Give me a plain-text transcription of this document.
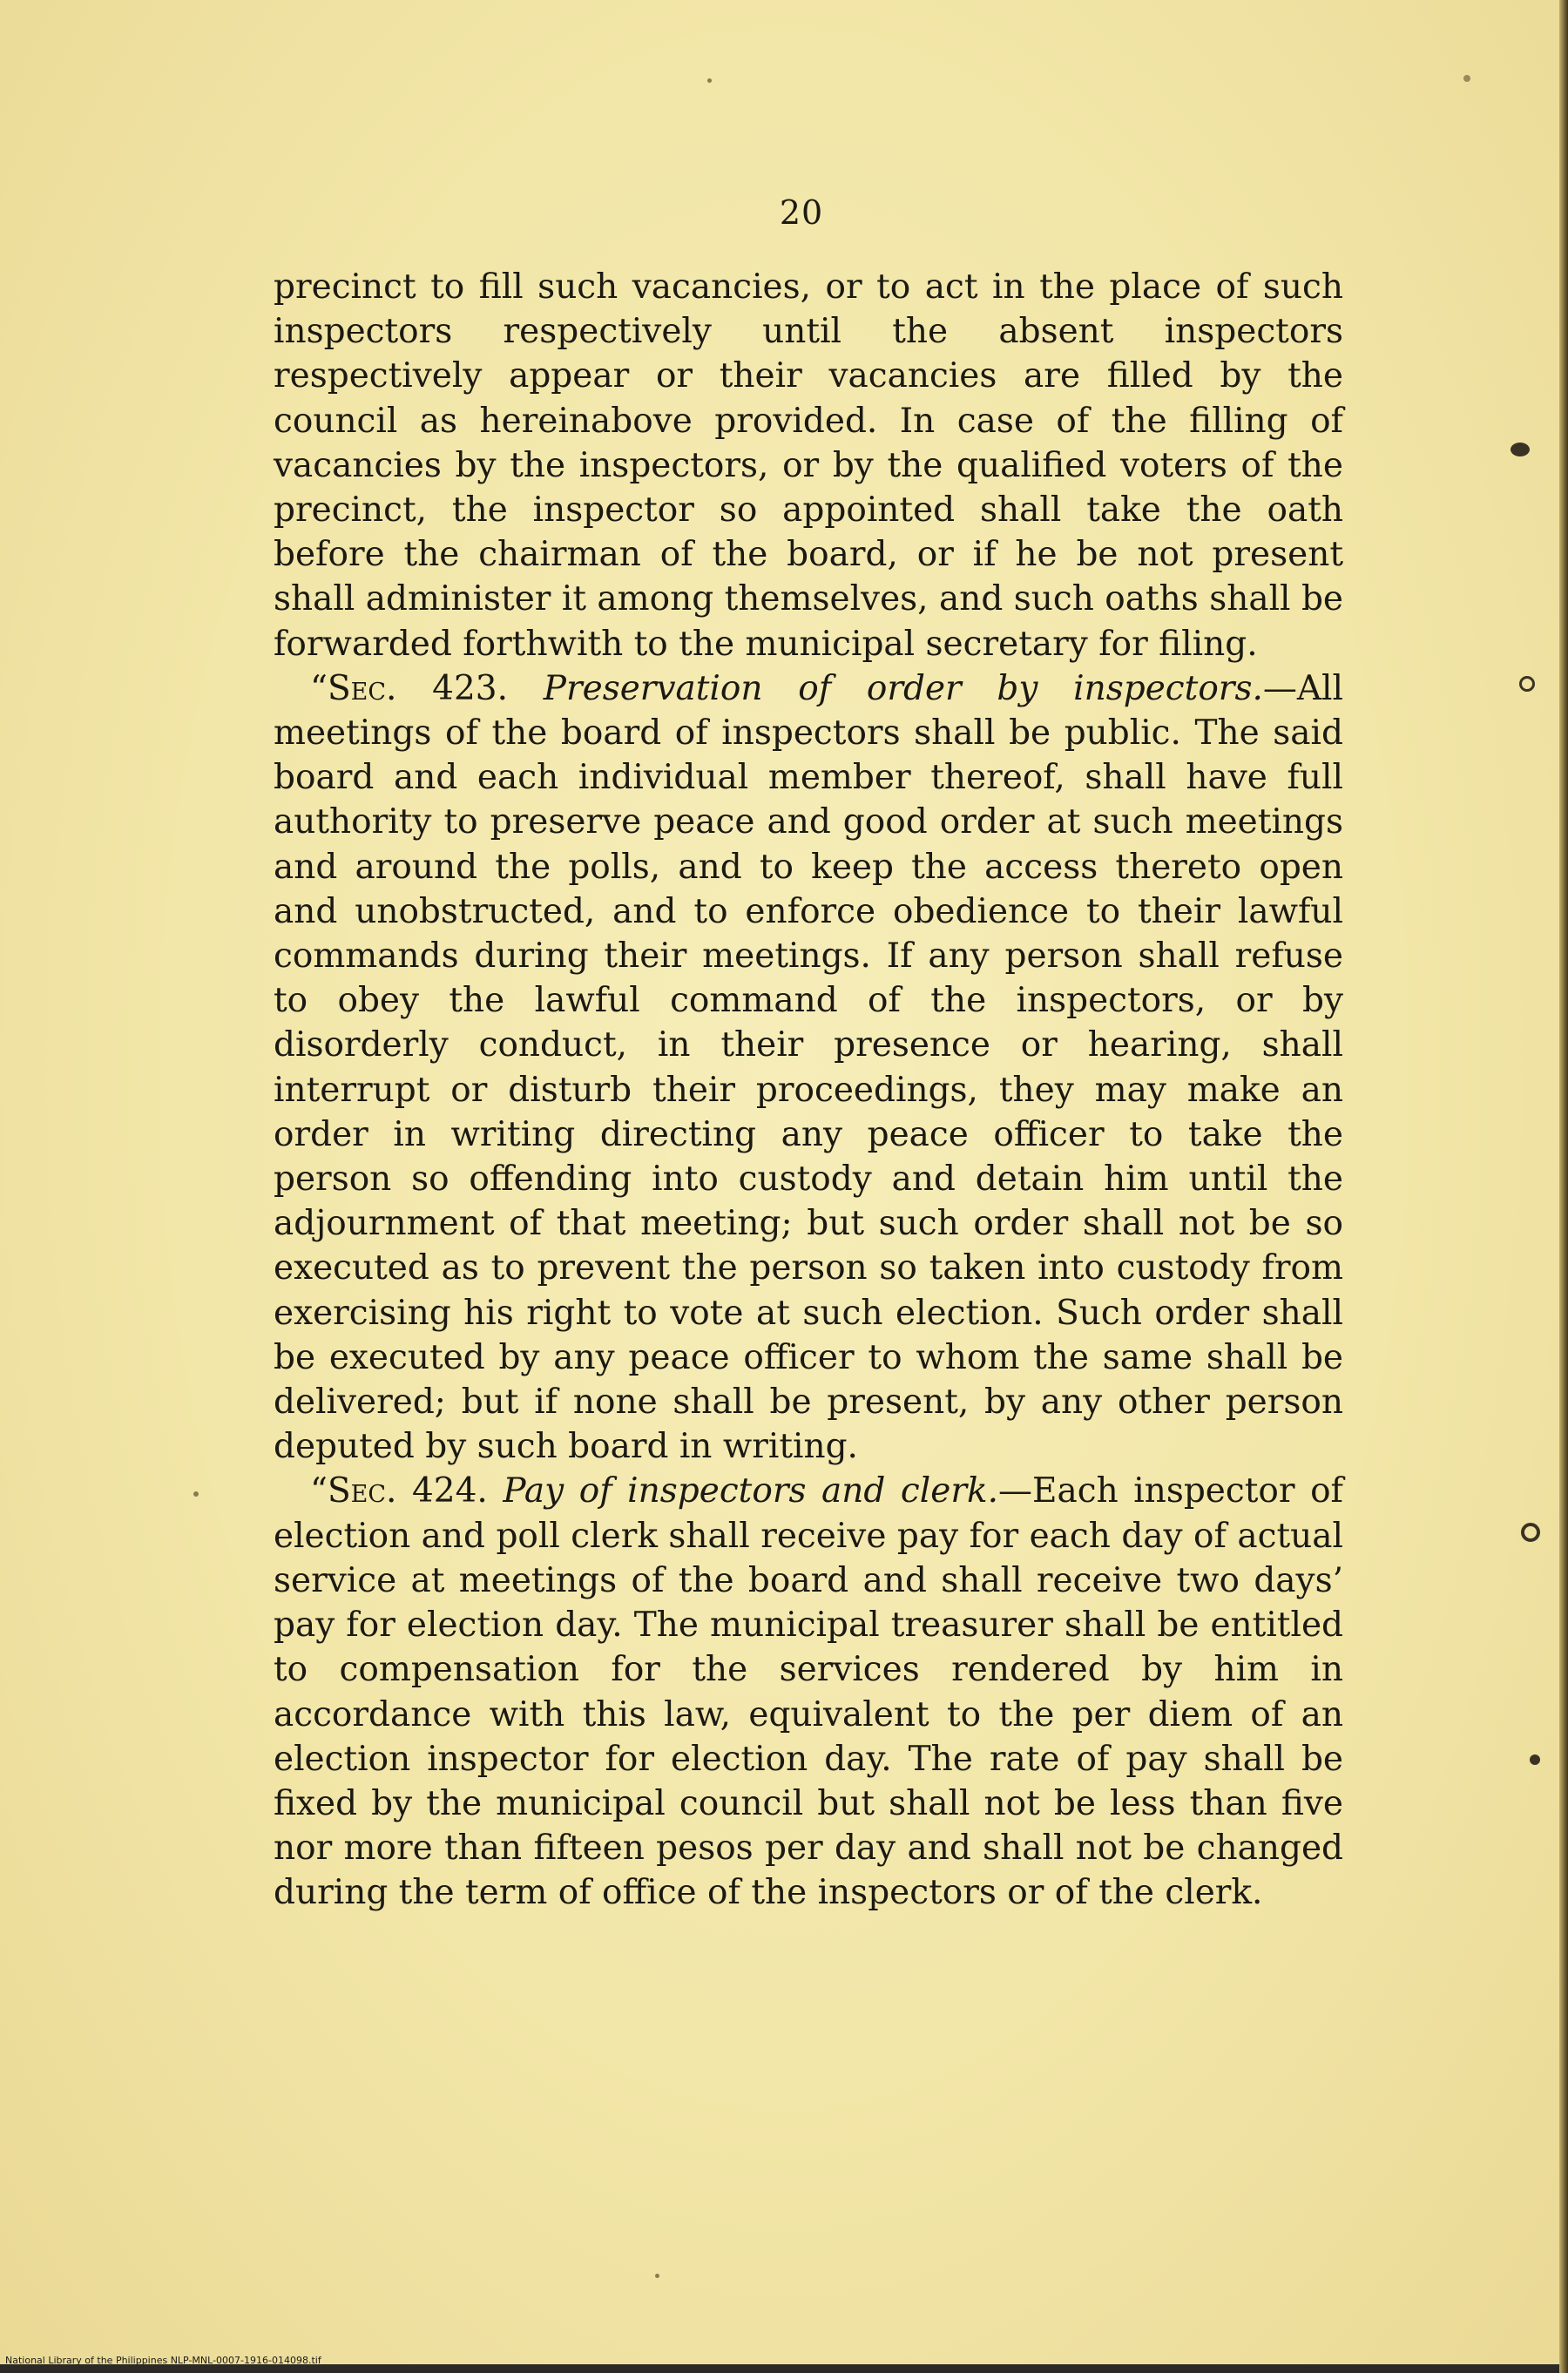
20

precinct to fill such vacancies, or to act in the place of such inspectors respectively until the absent inspectors respectively appear or their vacancies are filled by the council as hereinabove provided. In case of the filling of vacancies by the inspectors, or by the qualified voters of the precinct, the inspector so appointed shall take the oath before the chairman of the board, or if he be not present shall administer it among themselves, and such oaths shall be forwarded forthwith to the municipal secretary for filing.

“Sec. 423. Preservation of order by inspectors.—All meetings of the board of inspectors shall be public. The said board and each individual member thereof, shall have full authority to preserve peace and good order at such meetings and around the polls, and to keep the access thereto open and unobstructed, and to enforce obedience to their lawful commands during their meetings. If any person shall refuse to obey the lawful command of the inspectors, or by disorderly conduct, in their presence or hearing, shall interrupt or disturb their proceedings, they may make an order in writing directing any peace officer to take the person so offending into custody and detain him until the adjournment of that meeting; but such order shall not be so executed as to prevent the person so taken into custody from exercising his right to vote at such election. Such order shall be executed by any peace officer to whom the same shall be delivered; but if none shall be present, by any other person deputed by such board in writing.

“Sec. 424. Pay of inspectors and clerk.—Each inspector of election and poll clerk shall receive pay for each day of actual service at meetings of the board and shall receive two days’ pay for election day. The municipal treasurer shall be entitled to compensation for the services rendered by him in accordance with this law, equivalent to the per diem of an election inspector for election day. The rate of pay shall be fixed by the municipal council but shall not be less than five nor more than fifteen pesos per day and shall not be changed during the term of office of the inspectors or of the clerk.

National Library of the Philippines NLP-MNL-0007-1916-014098.tif
